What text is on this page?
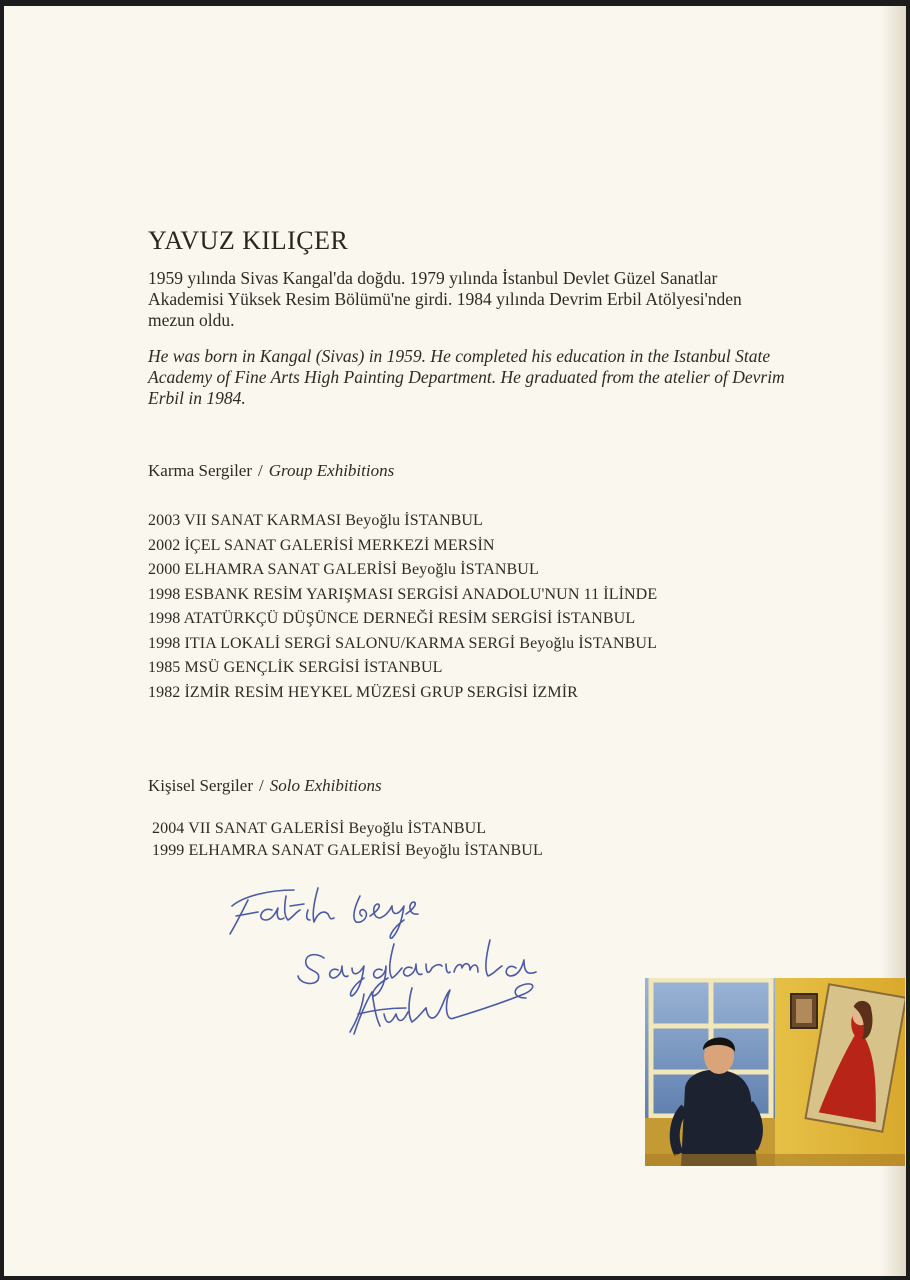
YAVUZ KILIÇER
1959 yılında Sivas Kangal'da doğdu. 1979 yılında İstanbul Devlet Güzel Sanatlar Akademisi Yüksek Resim Bölümü'ne girdi. 1984 yılında Devrim Erbil Atölyesi'nden mezun oldu.
He was born in Kangal (Sivas) in 1959. He completed his education in the Istanbul State Academy of Fine Arts High Painting Department. He graduated from the atelier of Devrim Erbil in 1984.
Karma Sergiler / Group Exhibitions
2003 VII SANAT KARMASI Beyoğlu İSTANBUL
2002 İÇEL SANAT GALERİSİ MERKEZİ MERSİN
2000 ELHAMRA SANAT GALERİSİ Beyoğlu İSTANBUL
1998 ESBANK RESİM YARIŞMASI SERGİSİ ANADOLU'NUN 11 İLİNDE
1998 ATATÜRKÇÜ DÜŞÜNCE DERNEĞİ RESİM SERGİSİ İSTANBUL
1998 ITIA LOKALİ SERGİ SALONU/KARMA SERGİ Beyoğlu İSTANBUL
1985 MSÜ GENÇLİK SERGİSİ İSTANBUL
1982 İZMİR RESİM HEYKEL MÜZESİ GRUP SERGİSİ İZMİR
Kişisel Sergiler / Solo Exhibitions
2004 VII SANAT GALERİSİ Beyoğlu İSTANBUL
1999 ELHAMRA SANAT GALERİSİ Beyoğlu İSTANBUL
